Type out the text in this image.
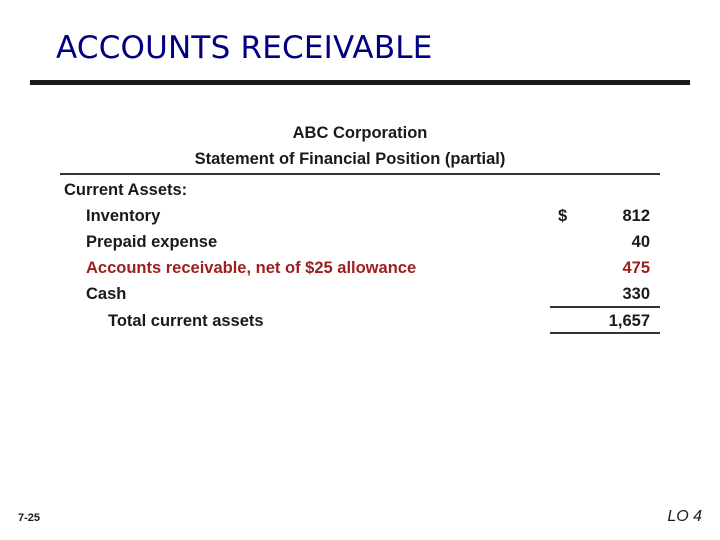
ACCOUNTS RECEIVABLE
ABC Corporation
Statement of Financial Position (partial)
Current Assets:
Inventory	$	812
Prepaid expense	40
Accounts receivable, net of $25 allowance	475
Cash	330
Total current assets	1,657
7-25	LO 4
